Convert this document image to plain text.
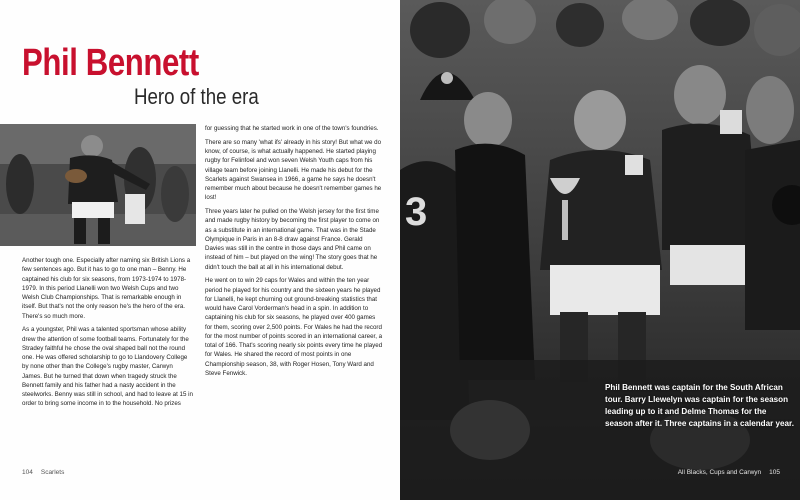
Phil Bennett
Hero of the era

Another tough one. Especially after naming six British Lions a few sentences ago. But it has to go to one man – Benny. He captained his club for six seasons, from 1973-1974 to 1978-1979. In this period Llanelli won two Welsh Cups and two Welsh Club Championships. That is remarkable enough in itself. But that's not the only reason he's the hero of the era. There's so much more.

As a youngster, Phil was a talented sportsman whose ability drew the attention of some football teams. Fortunately for the Stradey faithful he chose the oval shaped ball not the round one. He was offered scholarship to go to Llandovery College by none other than the College's rugby master, Carwyn James. But he turned that down when tragedy struck the Bennett family and his father had a nasty accident in the steelworks. Benny was still in school, and had to leave at 15 in order to bring some income in to the household. No prizes

for guessing that he started work in one of the town's foundries.

There are so many 'what ifs' already in his story! But what we do know, of course, is what actually happened. He started playing rugby for Felinfoel and won seven Welsh Youth caps from his village team before joining Llanelli. He made his debut for the Scarlets against Swansea in 1966, a game he says he doesn't remember much about because he doesn't remember games he lost!

Three years later he pulled on the Welsh jersey for the first time and made rugby history by becoming the first player to come on as a substitute in an international game. That was in the Stade Olympique in Paris in an 8-8 draw against France. Gerald Davies was still in the centre in those days and Phil came on instead of him – but played on the wing! The story goes that he didn't touch the ball at all in his international debut.

He went on to win 29 caps for Wales and within the ten year period he played for his country and the sixteen years he played for Llanelli, he kept churning out ground-breaking statistics that would have Carol Vorderman's head in a spin. In addition to captaining his club for six seasons, he played over 400 games for them, scoring over 2,500 points. For Wales he had the record for the most number of points scored in an international career, a total of 166. That's scoring nearly six points every time he played for Wales. He shared the record of most points in one Championship season, 38, with Roger Hosen, Tony Ward and Steve Fenwick.

104 Scarlets
3
Phil Bennett was captain for the South African tour. Barry Llewelyn was captain for the season leading up to it and Delme Thomas for the season after it. Three captains in a calendar year.
All Blacks, Cups and Carwyn 105
